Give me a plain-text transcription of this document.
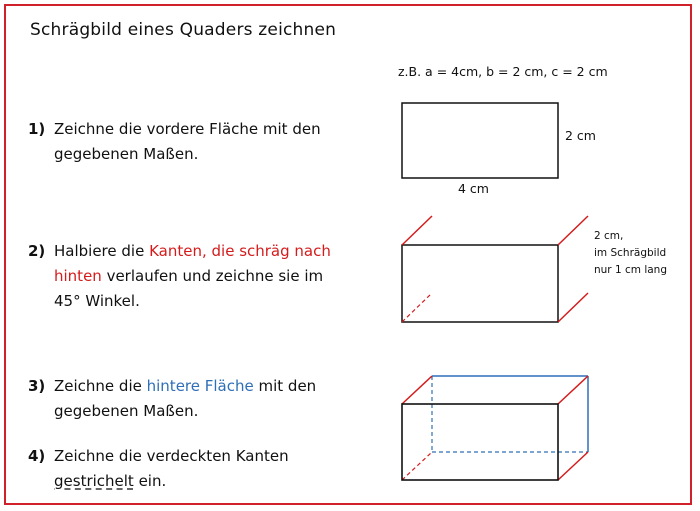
Schrägbild eines Quaders zeichnen
z.B. a = 4cm, b = 2 cm, c = 2 cm
1) Zeichne die vordere Fläche mit den
gegebenen Maßen.
2) Halbiere die Kanten, die schräg nach
hinten verlaufen und zeichne sie im
45° Winkel.
3) Zeichne die hintere Fläche mit den
gegebenen Maßen.
4) Zeichne die verdeckten Kanten
gestrichelt ein.
2 cm
4 cm
2 cm,
im Schrägbild
nur 1 cm lang
